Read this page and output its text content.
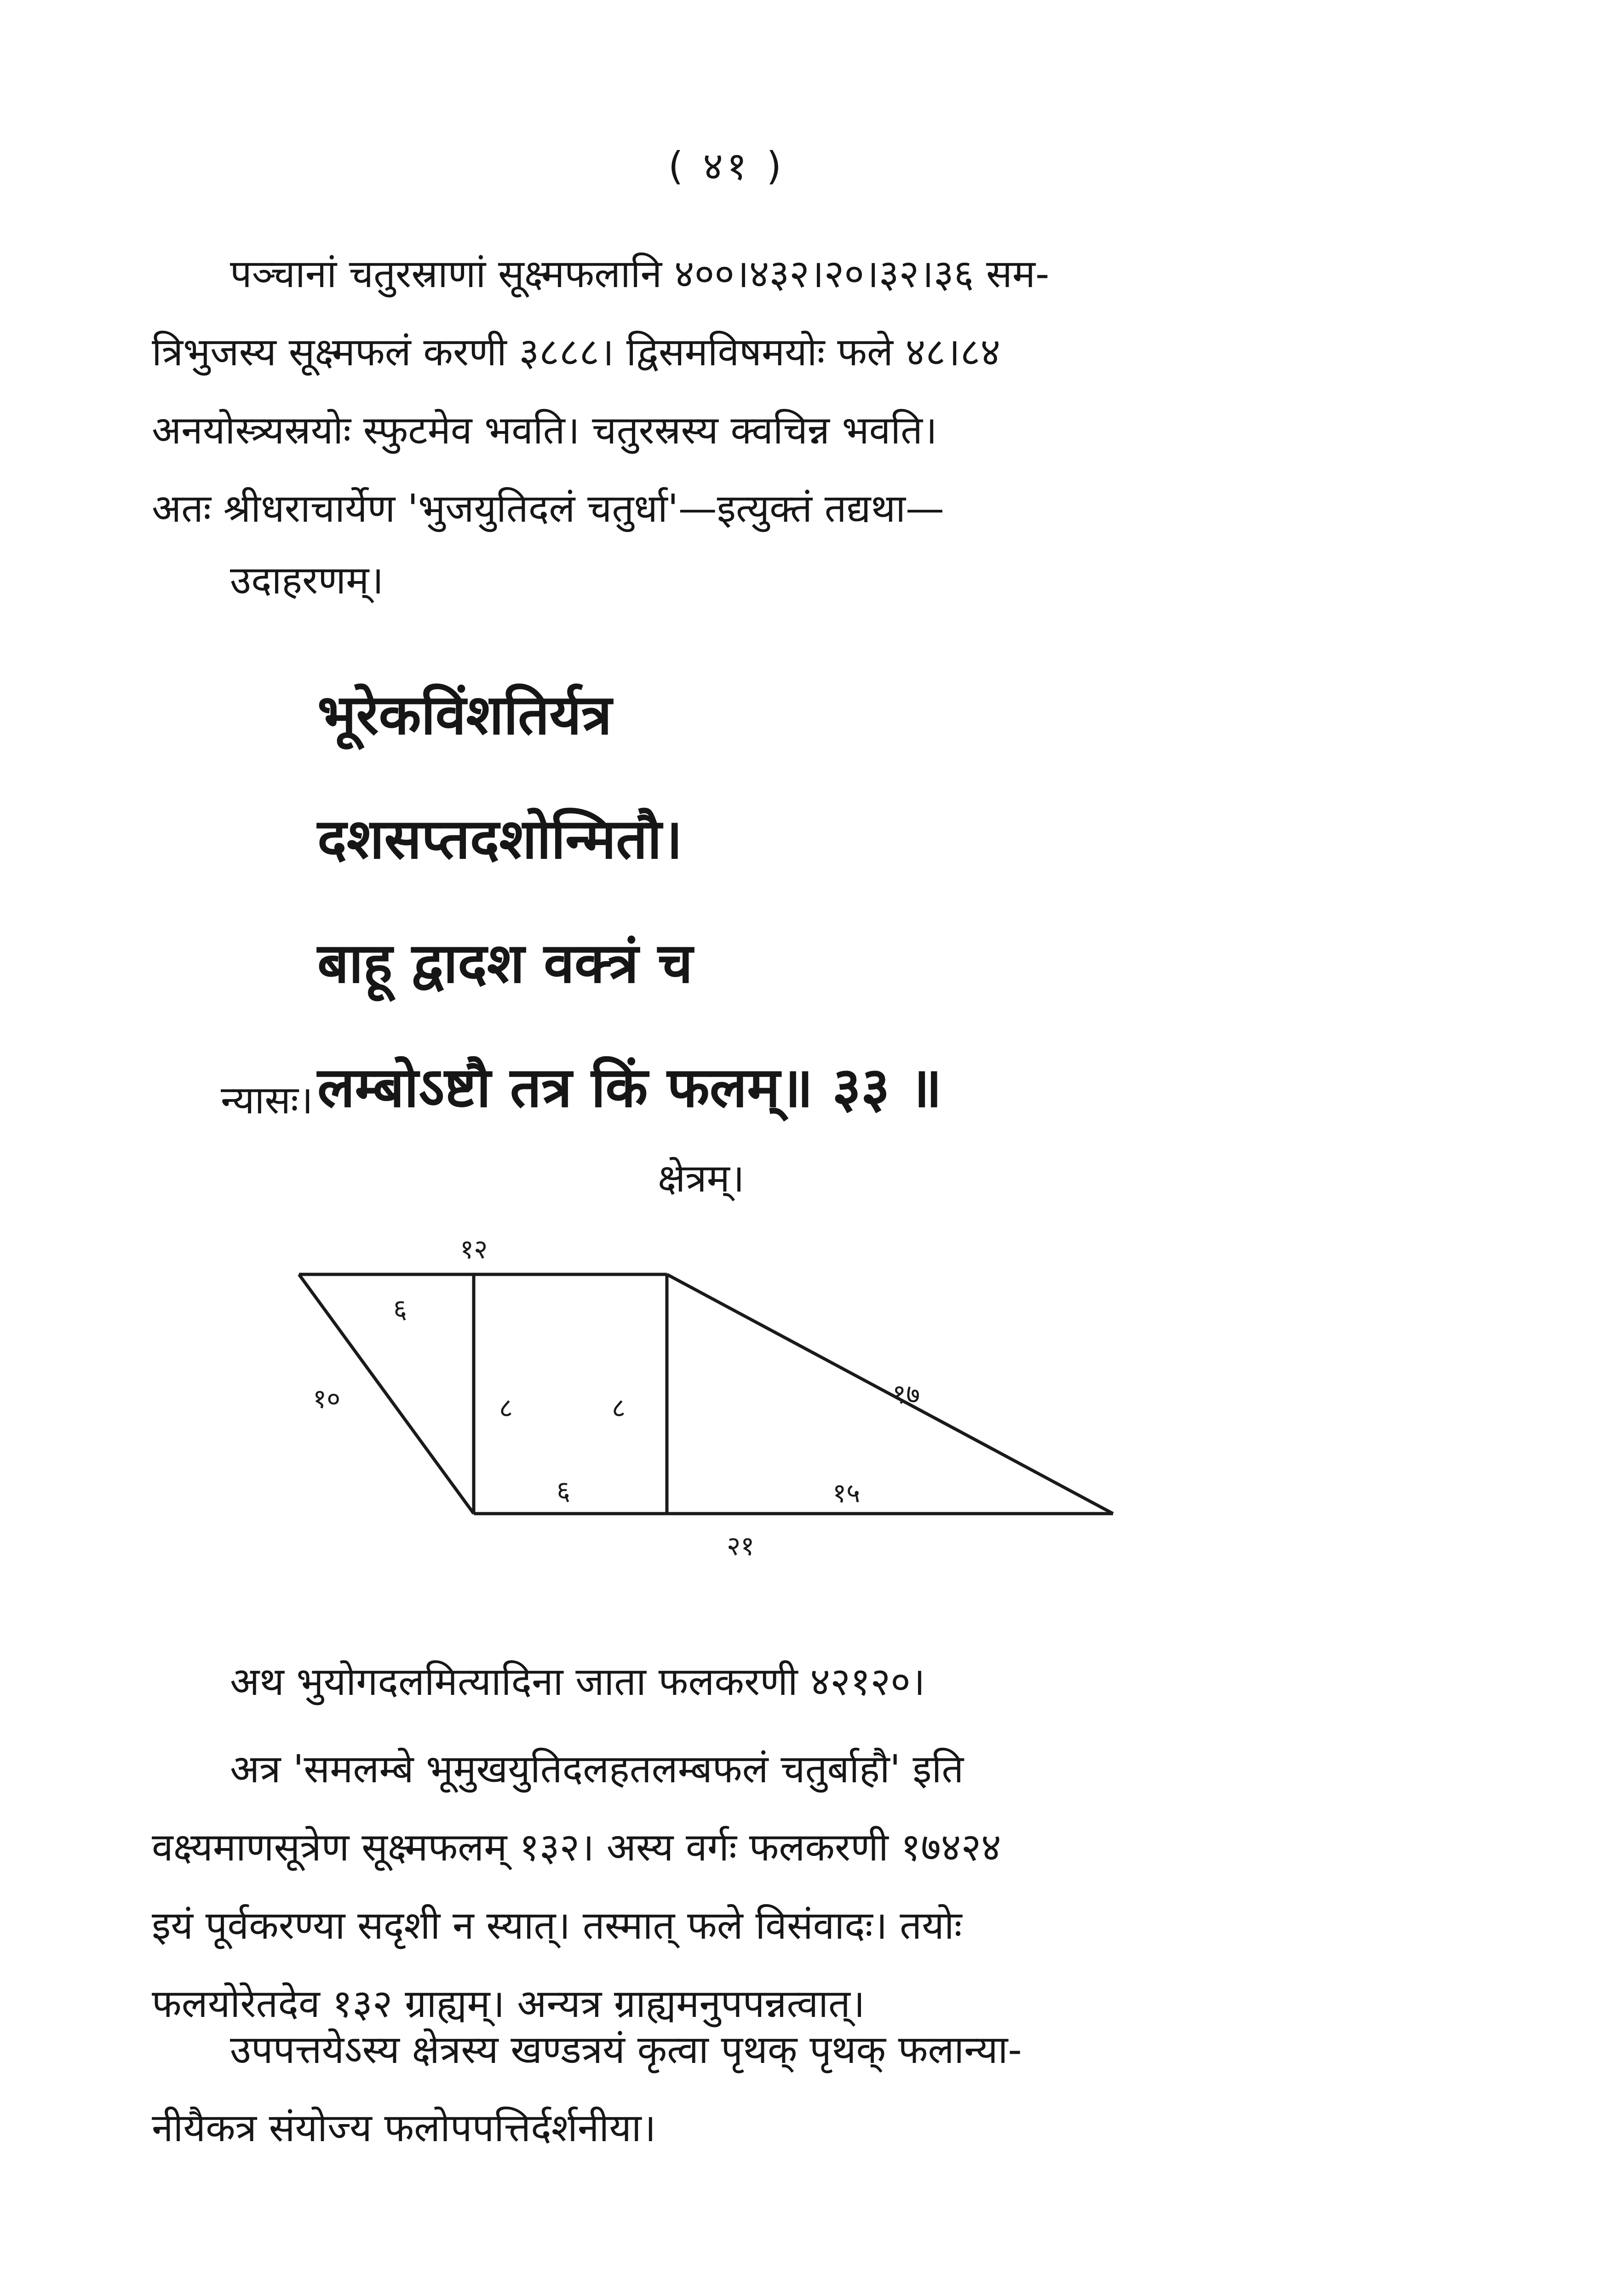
( ४१ )
पञ्चानां चतुरस्राणां सूक्ष्मफलानि ४००।४३२।२०।३२।३६ सम-
त्रिभुजस्य सूक्ष्मफलं करणी ३८८८। द्विसमविषमयोः फले ४८।८४
अनयोस्त्र्यस्रयोः स्फुटमेव भवति। चतुरस्रस्य क्वचिन्न भवति।
अतः श्रीधराचार्येण 'भुजयुतिदलं चतुर्धा'—इत्युक्तं तद्यथा—
उदाहरणम्।
भूरेकविंशतिर्यत्र
दशसप्तदशोन्मितौ।
बाहू द्वादश वक्त्रं च
लम्बोऽष्टौ तत्र किं फलम्॥ ३३ ॥
न्यासः।
क्षेत्रम्।
१२
६
१०	८	८	१७
६	१५
२१
अथ भुयोगदलमित्यादिना जाता फलकरणी ४२१२०।
अत्र 'समलम्बे भूमुखयुतिदलहतलम्बफलं चतुर्बाहौ' इति
वक्ष्यमाणसूत्रेण सूक्ष्मफलम् १३२। अस्य वर्गः फलकरणी १७४२४
इयं पूर्वकरण्या सदृशी न स्यात्। तस्मात् फले विसंवादः। तयोः
फलयोरेतदेव १३२ ग्राह्यम्। अन्यत्र ग्राह्यमनुपपन्नत्वात्।
उपपत्तयेऽस्य क्षेत्रस्य खण्डत्रयं कृत्वा पृथक् पृथक् फलान्या-
नीयैकत्र संयोज्य फलोपपत्तिर्दर्शनीया।
